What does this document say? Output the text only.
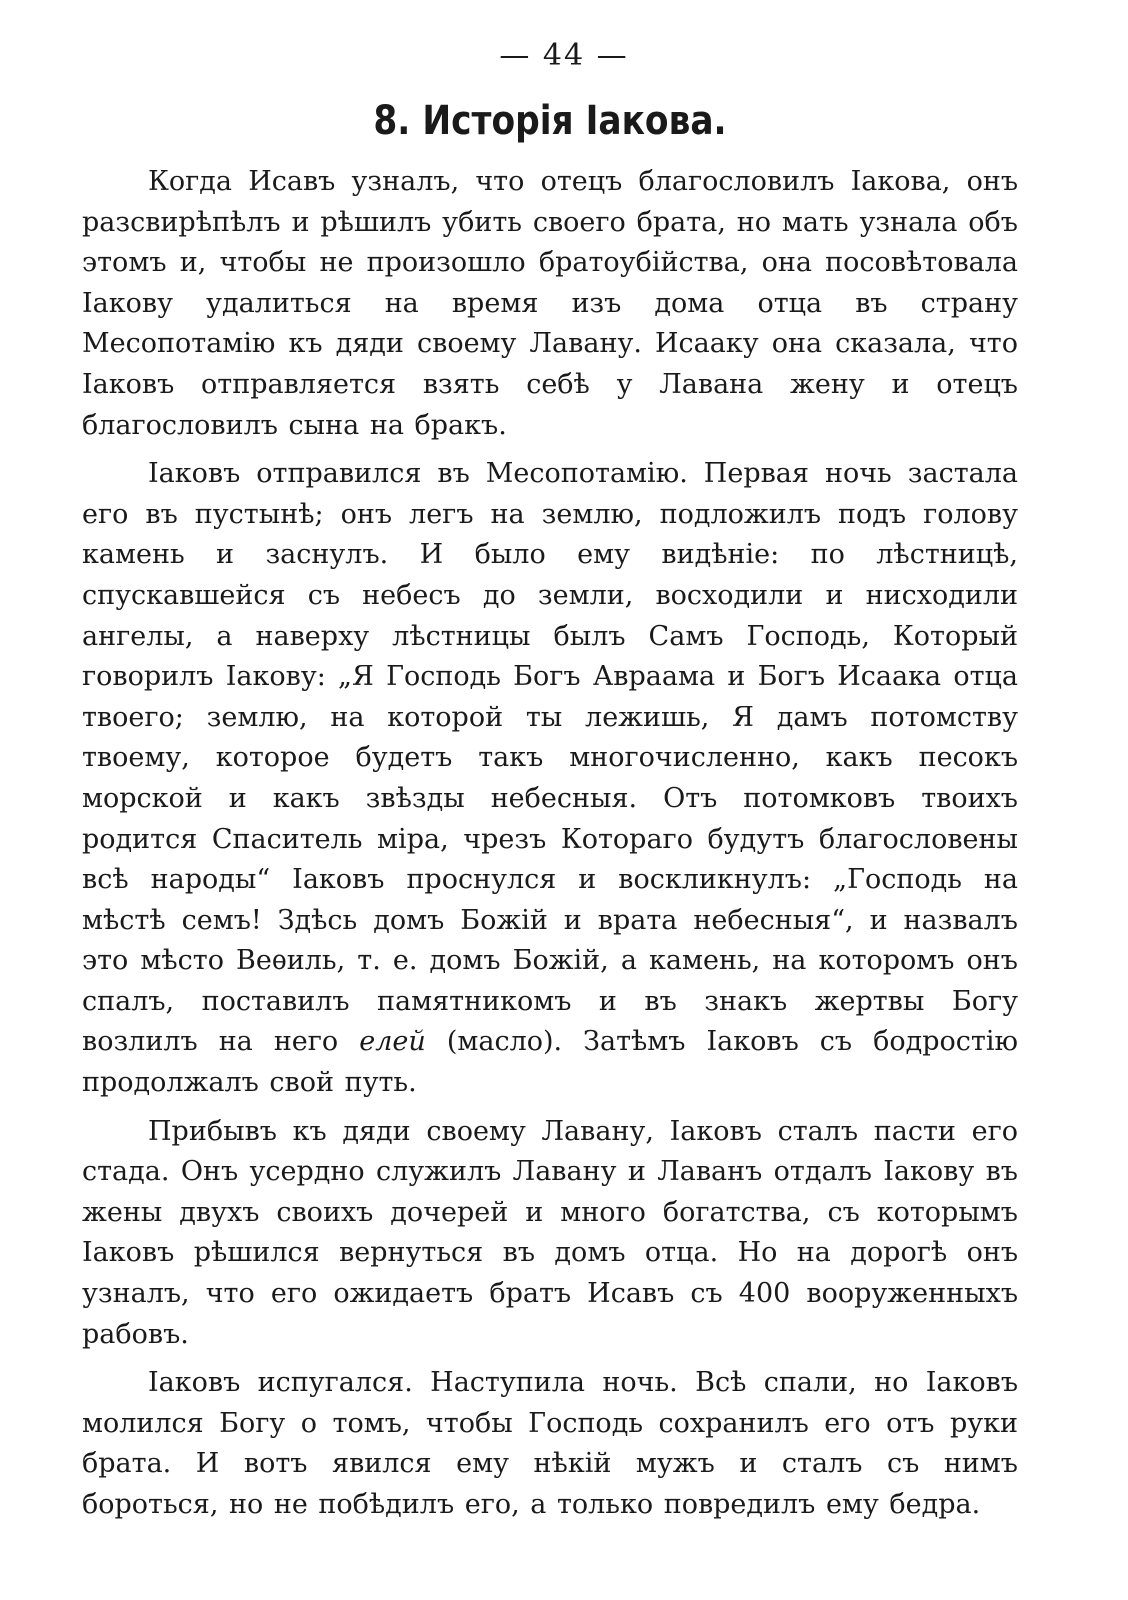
— 44 —
8. Исторія Іакова.

Когда Исавъ узналъ, что отецъ благословилъ Іакова, онъ разсвирѣпѣлъ и рѣшилъ убить своего брата, но мать узнала объ этомъ и, чтобы не произошло братоубійства, она посовѣтовала Іакову удалиться на время изъ дома отца въ страну Месопотамію къ дяди своему Лавану. Исааку она сказала, что Іаковъ отправляется взять себѣ у Лавана жену и отецъ благословилъ сына на бракъ.

Іаковъ отправился въ Месопотамію. Первая ночь застала его въ пустынѣ; онъ легъ на землю, подложилъ подъ голову камень и заснулъ. И было ему видѣніе: по лѣстницѣ, спускавшейся съ небесъ до земли, восходили и нисходили ангелы, а наверху лѣстницы былъ Самъ Господь, Который говорилъ Іакову: „Я Господь Богъ Авраама и Богъ Исаака отца твоего; землю, на которой ты лежишь, Я дамъ потомству твоему, которое будетъ такъ многочисленно, какъ песокъ морской и какъ звѣзды небесныя. Отъ потомковъ твоихъ родится Спаситель міра, чрезъ Котораго будутъ благословены всѣ народы“ Іаковъ проснулся и воскликнулъ: „Господь на мѣстѣ семъ! Здѣсь домъ Божій и врата небесныя“, и назвалъ это мѣсто Веѳиль, т. е. домъ Божій, а камень, на которомъ онъ спалъ, поставилъ памятникомъ и въ знакъ жертвы Богу возлилъ на него елей (масло). Затѣмъ Іаковъ съ бодростію продолжалъ свой путь.

Прибывъ къ дяди своему Лавану, Іаковъ сталъ пасти его стада. Онъ усердно служилъ Лавану и Лаванъ отдалъ Іакову въ жены двухъ своихъ дочерей и много богатства, съ которымъ Іаковъ рѣшился вернуться въ домъ отца. Но на дорогѣ онъ узналъ, что его ожидаетъ братъ Исавъ съ 400 вооруженныхъ рабовъ.

Іаковъ испугался. Наступила ночь. Всѣ спали, но Іаковъ молился Богу о томъ, чтобы Господь сохранилъ его отъ руки брата. И вотъ явился ему нѣкій мужъ и сталъ съ нимъ бороться, но не побѣдилъ его, а только повредилъ ему бедра.
